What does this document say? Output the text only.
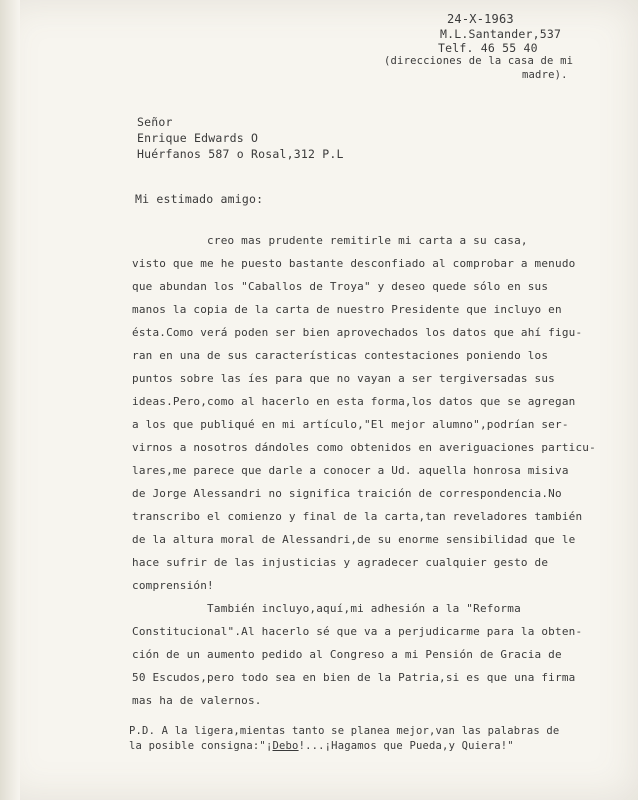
24-X-1963
M.L.Santander,537
Telf. 46 55 40
(direcciones de la casa de mi
madre).
Señor
Enrique Edwards O
Huérfanos 587 o Rosal,312 P.L
Mi estimado amigo:
creo mas prudente remitirle mi carta a su casa,
visto que me he puesto bastante desconfiado al comprobar a menudo
que abundan los "Caballos de Troya" y deseo quede sólo en sus
manos la copia de la carta de nuestro Presidente que incluyo en
ésta.Como verá poden ser bien aprovechados los datos que ahí figu-
ran en una de sus características contestaciones poniendo los
puntos sobre las íes para que no vayan a ser tergiversadas sus
ideas.Pero,como al hacerlo en esta forma,los datos que se agregan
a los que publiqué en mi artículo,"El mejor alumno",podrían ser-
virnos a nosotros dándoles como obtenidos en averiguaciones particu-
lares,me parece que darle a conocer a Ud. aquella honrosa misiva
de Jorge Alessandri no significa traición de correspondencia.No
transcribo el comienzo y final de la carta,tan reveladores también
de la altura moral de Alessandri,de su enorme sensibilidad que le
hace sufrir de las injusticias y agradecer cualquier gesto de
comprensión!
También incluyo,aquí,mi adhesión a la "Reforma
Constitucional".Al hacerlo sé que va a perjudicarme para la obten-
ción de un aumento pedido al Congreso a mi Pensión de Gracia de
50 Escudos,pero todo sea en bien de la Patria,si es que una firma
mas ha de valernos.
P.D. A la ligera,mientas tanto se planea mejor,van las palabras de
la posible consigna:"¡Debo!...¡Hagamos que Pueda,y Quiera!"
